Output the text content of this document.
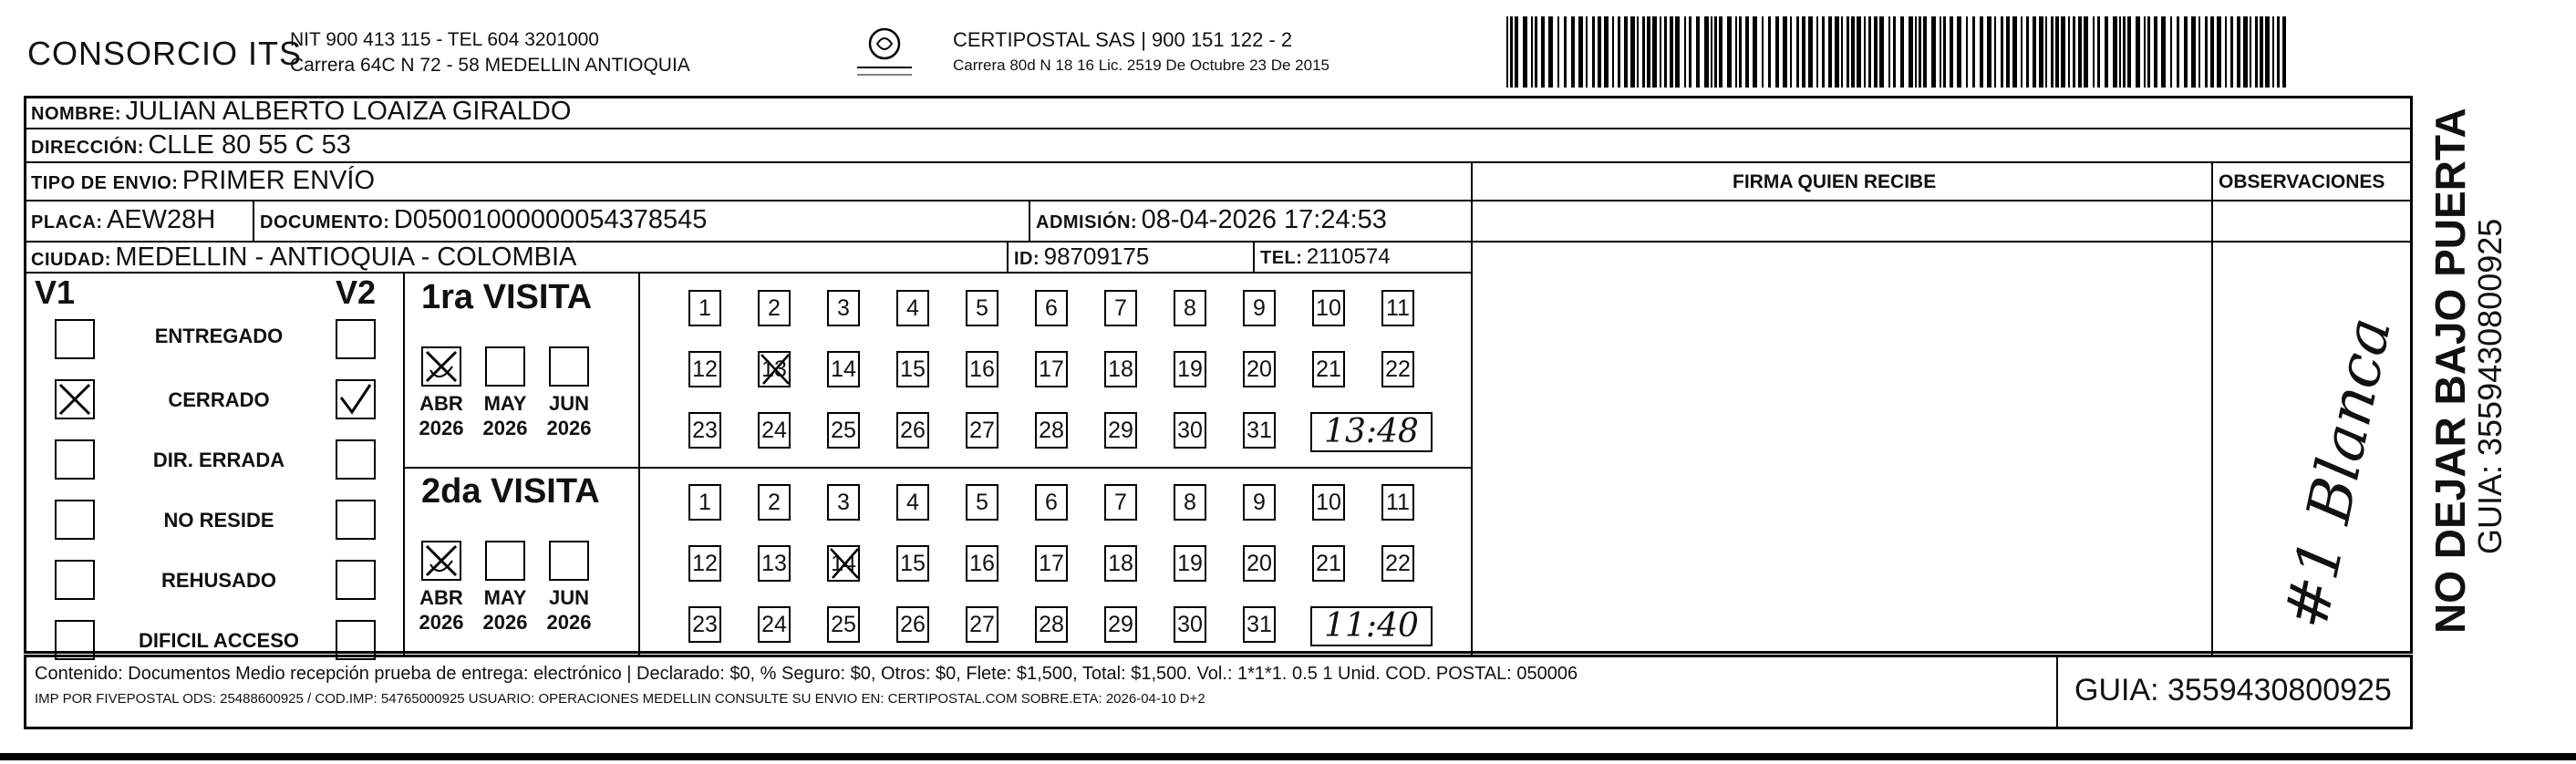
CONSORCIO ITS
NIT 900 413 115 - TEL 604 3201000
Carrera 64C N 72 - 58 MEDELLIN ANTIOQUIA
CERTIPOSTAL SAS | 900 151 122 - 2
Carrera 80d N 18 16 Lic. 2519 De Octubre 23 De 2015
NOMBRE: JULIAN ALBERTO LOAIZA GIRALDO
DIRECCIÓN: CLLE 80 55 C 53
TIPO DE ENVIO: PRIMER ENVÍO	FIRMA QUIEN RECIBE	OBSERVACIONES
PLACA: AEW28H DOCUMENTO: D05001000000054378545	ADMISIÓN: 08-04-2026 17:24:53
CIUDAD: MEDELLIN - ANTIOQUIA - COLOMBIA	ID: 98709175	TEL: 2110574
V1	V2
ENTREGADO
CERRADO
DIR. ERRADA
NO RESIDE
REHUSADO
DIFICIL ACCESO
1ra VISITA
ABR
2026
MAY
2026
JUN
2026
1	2	3	4	5	6	7	8	9	10 11
12 13 14 15 16 17 18 19 20 21 22
23 24 25 26 27 28 29 30 31	13:48
2da VISITA
ABR
2026
MAY
2026
JUN
2026
1	2	3	4	5	6	7	8	9	10 11
12 13 14 15 16 17 18 19 20 21 22
23 24 25 26 27 28 29 30 31	11:40	#1 Blanca
Contenido: Documentos Medio recepción prueba de entrega: electrónico | Declarado: $0, % Seguro: $0, Otros: $0, Flete: $1,500, Total: $1,500. Vol.: 1*1*1. 0.5 1 Unid. COD. POSTAL: 050006
IMP POR FIVEPOSTAL ODS: 25488600925 / COD.IMP: 54765000925 USUARIO: OPERACIONES MEDELLIN CONSULTE SU ENVIO EN: CERTIPOSTAL.COM SOBRE.ETA: 2026-04-10 D+2	GUIA: 3559430800925
NO DEJAR BAJO PUERTA
GUIA: 3559430800925
